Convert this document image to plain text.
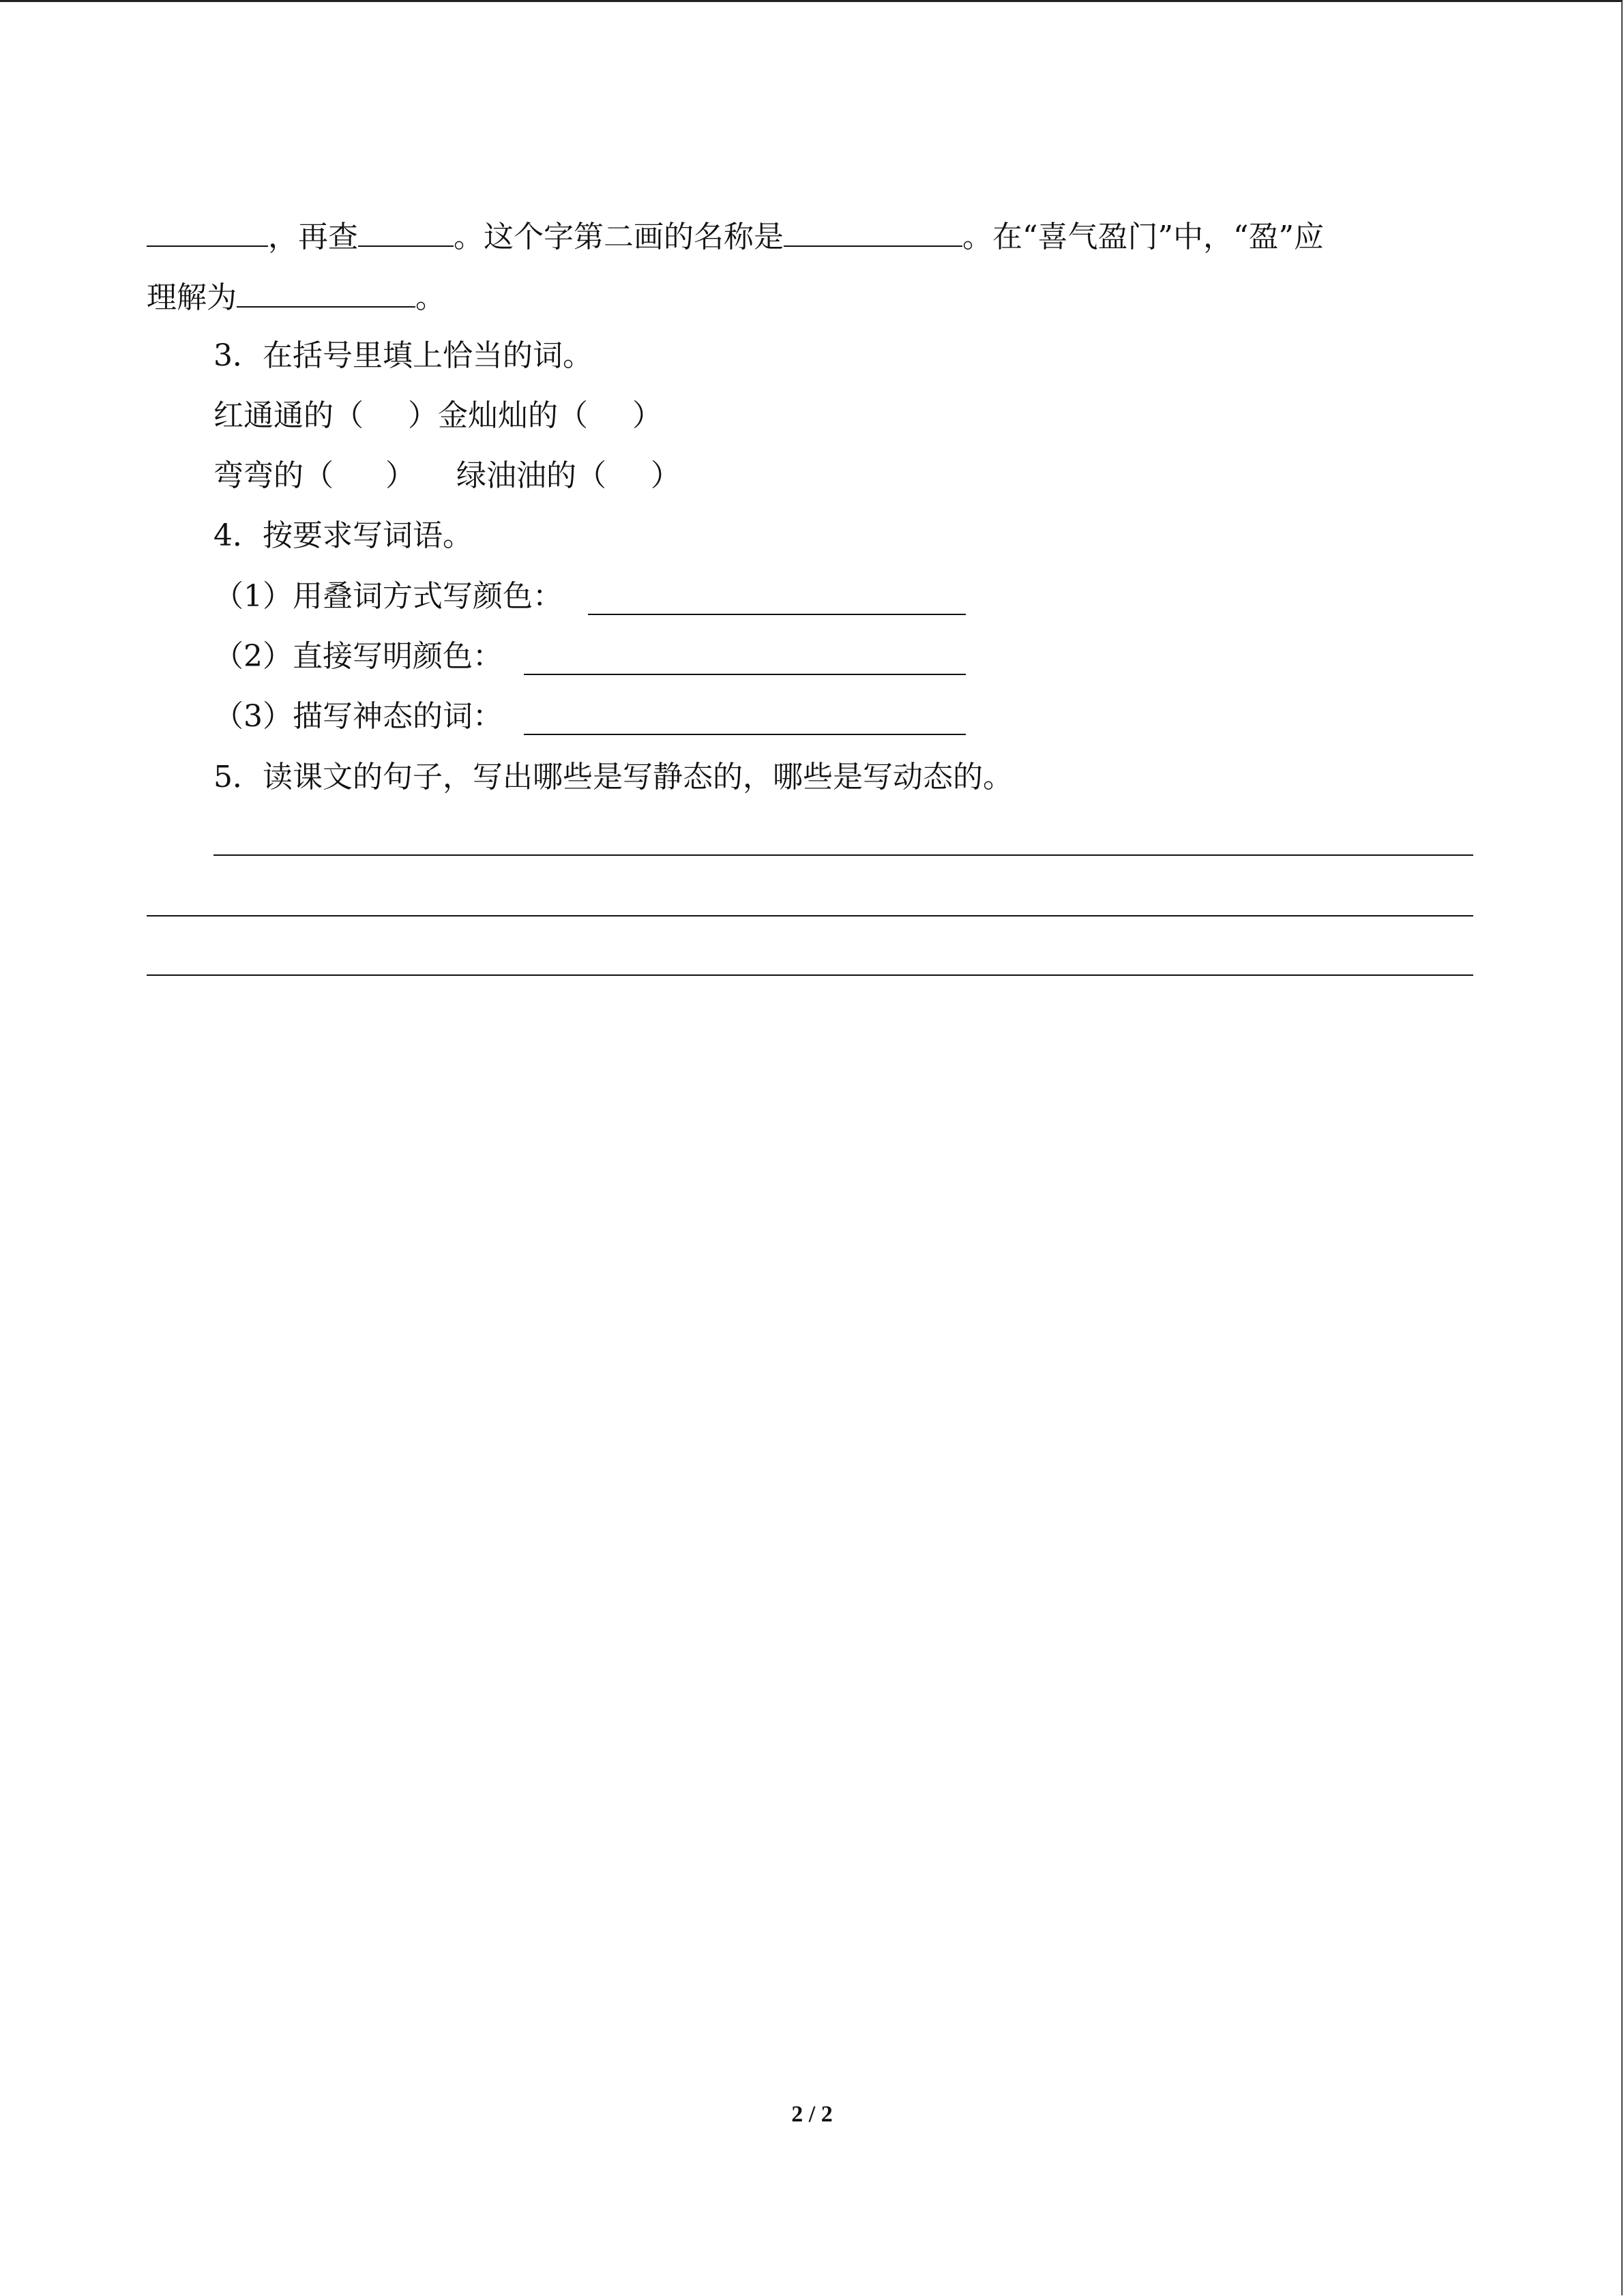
，再查	。这个字第二画的名称是	。在“喜气盈门”中，“盈”应
理解为	。
3．在括号里填上恰当的词。
红通通的（ ）金灿灿的（ ）
弯弯的（ ） 绿油油的（ ）
4．按要求写词语。
（1）用叠词方式写颜色：
（2）直接写明颜色：
（3）描写神态的词：
5．读课文的句子，写出哪些是写静态的，哪些是写动态的。
2 / 2
